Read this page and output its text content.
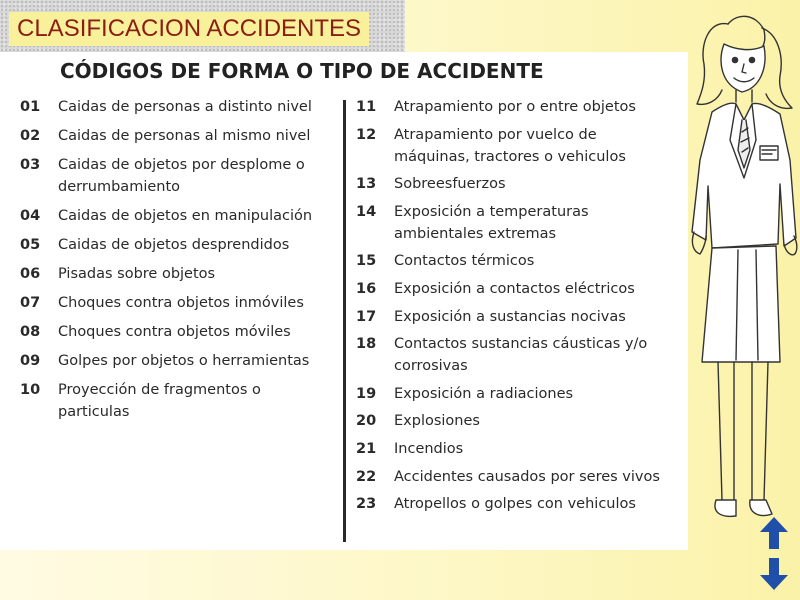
CLASIFICACION ACCIDENTES
CÓDIGOS DE FORMA O TIPO DE ACCIDENTE
01	Caidas de personas a distinto nivel
02	Caidas de personas al mismo nivel
03	Caidas de objetos por desplome o derrumbamiento
04	Caidas de objetos en manipulación
05	Caidas de objetos desprendidos
06	Pisadas sobre objetos
07	Choques contra objetos inmóviles
08	Choques contra objetos móviles
09	Golpes por objetos o herramientas
10	Proyección de fragmentos o particulas
11	Atrapamiento por o entre objetos
12	Atrapamiento por vuelco de máquinas, tractores o vehiculos
13	Sobreesfuerzos
14	Exposición a temperaturas ambientales extremas
15	Contactos térmicos
16	Exposición a contactos eléctricos
17	Exposición a sustancias nocivas
18	Contactos sustancias cáusticas y/o corrosivas
19	Exposición a radiaciones
20	Explosiones
21	Incendios
22	Accidentes causados por seres vivos
23	Atropellos o golpes con vehiculos
